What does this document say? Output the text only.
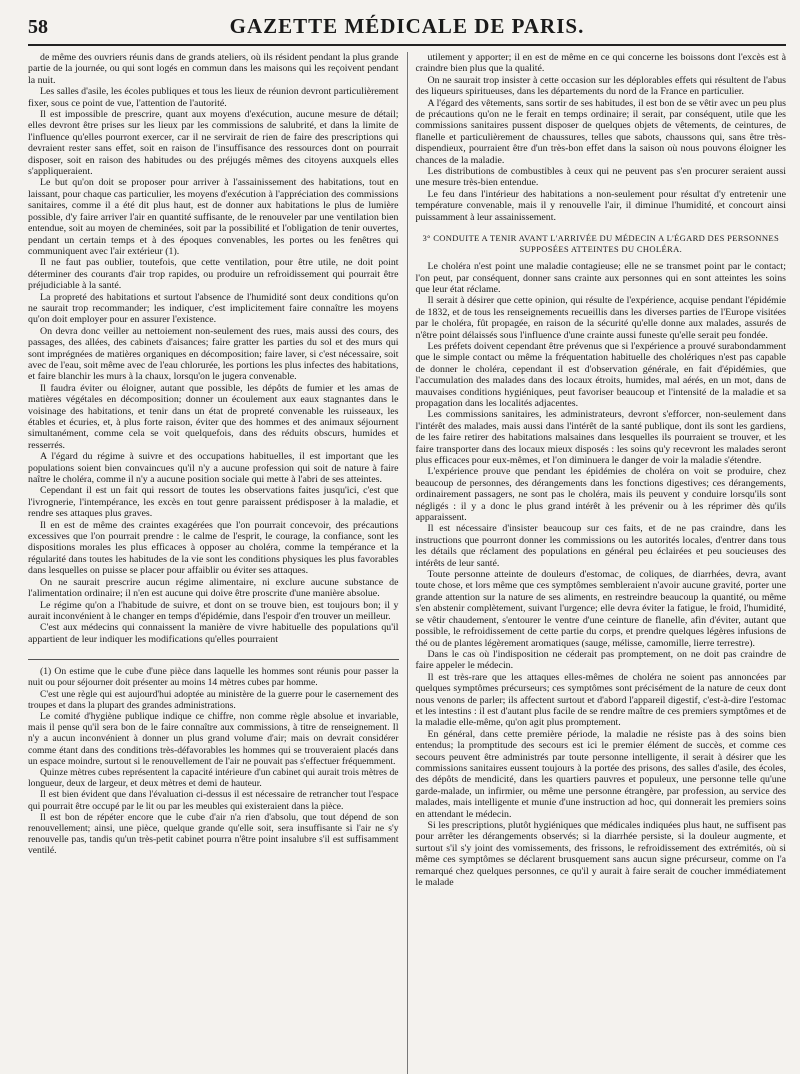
58	GAZETTE MÉDICALE DE PARIS.

de même des ouvriers réunis dans de grands ateliers, où ils résident pendant la plus grande partie de la journée, ou qui sont logés en commun dans les maisons qui les reçoivent pendant la nuit.

Les salles d'asile, les écoles publiques et tous les lieux de réunion devront particulièrement fixer, sous ce point de vue, l'attention de l'autorité.

Il est impossible de prescrire, quant aux moyens d'exécution, aucune mesure de détail; elles devront être prises sur les lieux par les commissions de salubrité, et dans la limite de l'influence qu'elles pourront exercer, car il ne servirait de rien de faire des prescriptions qui devraient rester sans effet, soit en raison de l'insuffisance des ressources dont on pourrait disposer, soit en raison des habitudes ou des préjugés mêmes des citoyens auxquels elles s'appliqueraient.

Le but qu'on doit se proposer pour arriver à l'assainissement des habitations, tout en laissant, pour chaque cas particulier, les moyens d'exécution à l'appréciation des commissions sanitaires, comme il a été dit plus haut, est de donner aux habitations le plus de lumière possible, d'y faire arriver l'air en quantité suffisante, de le renouveler par une ventilation bien entendue, soit au moyen de cheminées, soit par la possibilité et l'obligation de tenir ouvertes, pendant un certain temps et à des époques convenables, les portes ou les fenêtres qui communiquent avec l'air extérieur (1).

Il ne faut pas oublier, toutefois, que cette ventilation, pour être utile, ne doit point déterminer des courants d'air trop rapides, ou produire un refroidissement qui pourrait être préjudiciable à la santé.

La propreté des habitations et surtout l'absence de l'humidité sont deux conditions qu'on ne saurait trop recommander; les indiquer, c'est implicitement faire connaître les moyens qu'on doit employer pour en assurer l'existence.

On devra donc veiller au nettoiement non-seulement des rues, mais aussi des cours, des passages, des allées, des cabinets d'aisances; faire gratter les parties du sol et des murs qui sont imprégnées de matières organiques en décomposition; faire laver, si c'est nécessaire, soit avec de l'eau, soit même avec de l'eau chlorurée, les portions les plus infectes des habitations, et faire blanchir les murs à la chaux, lorsqu'on le jugera convenable.

Il faudra éviter ou éloigner, autant que possible, les dépôts de fumier et les amas de matières végétales en décomposition; donner un écoulement aux eaux stagnantes dans le voisinage des habitations, et tenir dans un état de propreté convenable les ruisseaux, les étables et écuries, et, à plus forte raison, éviter que des hommes et des animaux séjournent simultanément, comme cela se voit quelquefois, dans des réduits obscurs, humides et resserrés.

A l'égard du régime à suivre et des occupations habituelles, il est important que les populations soient bien convaincues qu'il n'y a aucune profession qui soit de nature à faire naître le choléra, comme il n'y a aucune position sociale qui mette à l'abri de ses atteintes.

Cependant il est un fait qui ressort de toutes les observations faites jusqu'ici, c'est que l'ivrognerie, l'intempérance, les excès en tout genre paraissent prédisposer à la maladie, et rendre ses attaques plus graves.

Il en est de même des craintes exagérées que l'on pourrait concevoir, des précautions excessives que l'on pourrait prendre : le calme de l'esprit, le courage, la confiance, sont les dispositions morales les plus efficaces à opposer au choléra, comme la tempérance et la régularité dans toutes les habitudes de la vie sont les conditions physiques les plus favorables dans lesquelles on puisse se placer pour affaiblir ou éviter ses attaques.

On ne saurait prescrire aucun régime alimentaire, ni exclure aucune substance de l'alimentation ordinaire; il n'en est aucune qui doive être proscrite d'une manière absolue.

Le régime qu'on a l'habitude de suivre, et dont on se trouve bien, est toujours bon; il y aurait inconvénient à le changer en temps d'épidémie, dans l'espoir d'en trouver un meilleur.

C'est aux médecins qui connaissent la manière de vivre habituelle des populations qu'il appartient de leur indiquer les modifications qu'elles pourraient

(1) On estime que le cube d'une pièce dans laquelle les hommes sont réunis pour passer la nuit ou pour séjourner doit présenter au moins 14 mètres cubes par homme.

C'est une règle qui est aujourd'hui adoptée au ministère de la guerre pour le casernement des troupes et dans la plupart des grandes administrations.

Le comité d'hygiène publique indique ce chiffre, non comme règle absolue et invariable, mais il pense qu'il sera bon de le faire connaître aux commissions, à titre de renseignement. Il n'y a aucun inconvénient à donner un plus grand volume d'air; mais on devrait considérer comme étant dans des conditions très-défavorables les hommes qui se trouveraient placés dans un espace moindre, surtout si le renouvellement de l'air ne pouvait pas s'effectuer fréquemment.

Quinze mètres cubes représentent la capacité intérieure d'un cabinet qui aurait trois mètres de longueur, deux de largeur, et deux mètres et demi de hauteur.

Il est bien évident que dans l'évaluation ci-dessus il est nécessaire de retrancher tout l'espace qui pourrait être occupé par le lit ou par les meubles qui existeraient dans la pièce.

Il est bon de répéter encore que le cube d'air n'a rien d'absolu, que tout dépend de son renouvellement; ainsi, une pièce, quelque grande qu'elle soit, sera insuffisante si l'air ne s'y renouvelle pas, tandis qu'un très-petit cabinet pourra n'être point insalubre s'il est suffisamment ventilé.

utilement y apporter; il en est de même en ce qui concerne les boissons dont l'excès est à craindre bien plus que la qualité.

On ne saurait trop insister à cette occasion sur les déplorables effets qui résultent de l'abus des liqueurs spiritueuses, dans les départements du nord de la France en particulier.

A l'égard des vêtements, sans sortir de ses habitudes, il est bon de se vêtir avec un peu plus de précautions qu'on ne le ferait en temps ordinaire; il serait, par conséquent, utile que les commissions sanitaires pussent disposer de quelques objets de vêtements, de ceintures, de flanelle et particulièrement de chaussures, telles que sabots, chaussons qui, sans être très-dispendieux, pourraient être d'un très-bon effet dans la saison où nous pouvons éloigner les chances de la maladie.

Les distributions de combustibles à ceux qui ne peuvent pas s'en procurer seraient aussi une mesure très-bien entendue.

Le feu dans l'intérieur des habitations a non-seulement pour résultat d'y entretenir une température convenable, mais il y renouvelle l'air, il diminue l'humidité, et concourt ainsi puissamment à leur assainissement.

3° CONDUITE A TENIR AVANT L'ARRIVÉE DU MÉDECIN A L'ÉGARD DES PERSONNES
SUPPOSÉES ATTEINTES DU CHOLÉRA.

Le choléra n'est point une maladie contagieuse; elle ne se transmet point par le contact; l'on peut, par conséquent, donner sans crainte aux personnes qui en sont atteintes les soins que leur état réclame.

Il serait à désirer que cette opinion, qui résulte de l'expérience, acquise pendant l'épidémie de 1832, et de tous les renseignements recueillis dans les diverses parties de l'Europe visitées par le choléra, fût propagée, en raison de la sécurité qu'elle donne aux malades, assurés de n'être point délaissés sous l'influence d'une crainte aussi funeste qu'elle serait peu fondée.

Les préfets doivent cependant être prévenus que si l'expérience a prouvé surabondamment que le simple contact ou même la fréquentation habituelle des cholériques n'est pas capable de donner le choléra, cependant il est d'observation générale, en fait d'épidémies, que l'accumulation des malades dans des locaux étroits, humides, mal aérés, en un mot, dans de mauvaises conditions hygiéniques, peut favoriser beaucoup et l'intensité de la maladie et sa propagation dans les localités adjacentes.

Les commissions sanitaires, les administrateurs, devront s'efforcer, non-seulement dans l'intérêt des malades, mais aussi dans l'intérêt de la santé publique, dont ils sont les gardiens, de les faire retirer des habitations malsaines dans lesquelles ils pourraient se trouver, et les faire transporter dans des locaux mieux disposés : les soins qu'y recevront les malades seront plus efficaces pour eux-mêmes, et l'on diminuera le danger de voir la maladie s'étendre.

L'expérience prouve que pendant les épidémies de choléra on voit se produire, chez beaucoup de personnes, des dérangements dans les fonctions digestives; ces dérangements, ordinairement passagers, ne sont pas le choléra, mais ils peuvent y conduire lorsqu'ils sont négligés : il y a donc le plus grand intérêt à les prévenir ou à les réprimer dès qu'ils apparaissent.

Il est nécessaire d'insister beaucoup sur ces faits, et de ne pas craindre, dans les instructions que pourront donner les commissions ou les autorités locales, d'entrer dans tous les détails que réclament des populations en général peu éclairées et peu soucieuses des intérêts de leur santé.

Toute personne atteinte de douleurs d'estomac, de coliques, de diarrhées, devra, avant toute chose, et lors même que ces symptômes sembleraient n'avoir aucune gravité, porter une grande attention sur la nature de ses aliments, en restreindre beaucoup la quantité, ou même s'en abstenir complètement, suivant l'urgence; elle devra éviter la fatigue, le froid, l'humidité, se vêtir chaudement, s'entourer le ventre d'une ceinture de flanelle, afin d'éviter, autant que possible, le refroidissement de cette partie du corps, et prendre quelques légères infusions de thé ou de plantes légèrement aromatiques (sauge, mélisse, camomille, lierre terrestre).

Dans le cas où l'indisposition ne céderait pas promptement, on ne doit pas craindre de faire appeler le médecin.

Il est très-rare que les attaques elles-mêmes de choléra ne soient pas annoncées par quelques symptômes précurseurs; ces symptômes sont précisément de la nature de ceux dont nous venons de parler; ils affectent surtout et d'abord l'appareil digestif, c'est-à-dire l'estomac et les intestins : il est d'autant plus facile de se rendre maître de ces premiers symptômes et de la maladie elle-même, qu'on agit plus promptement.

En général, dans cette première période, la maladie ne résiste pas à des soins bien entendus; la promptitude des secours est ici le premier élément de succès, et comme ces secours peuvent être administrés par toute personne intelligente, il serait à désirer que les commissions sanitaires eussent toujours à la portée des prisons, des salles d'asile, des écoles, des dépôts de mendicité, dans les quartiers pauvres et populeux, une personne telle qu'une garde-malade, un infirmier, ou même une personne étrangère, par profession, au service des malades, mais intelligente et munie d'une instruction ad hoc, qui donnerait les premiers soins en attendant le médecin.

Si les prescriptions, plutôt hygiéniques que médicales indiquées plus haut, ne suffisent pas pour arrêter les dérangements observés; si la diarrhée persiste, si la douleur augmente, et surtout s'il s'y joint des vomissements, des frissons, le refroidissement des extrémités, où si même ces symptômes se déclarent brusquement sans aucun signe précurseur, comme on l'a remarqué chez quelques personnes, ce qu'il y aurait à faire serait de coucher immédiatement le malade
